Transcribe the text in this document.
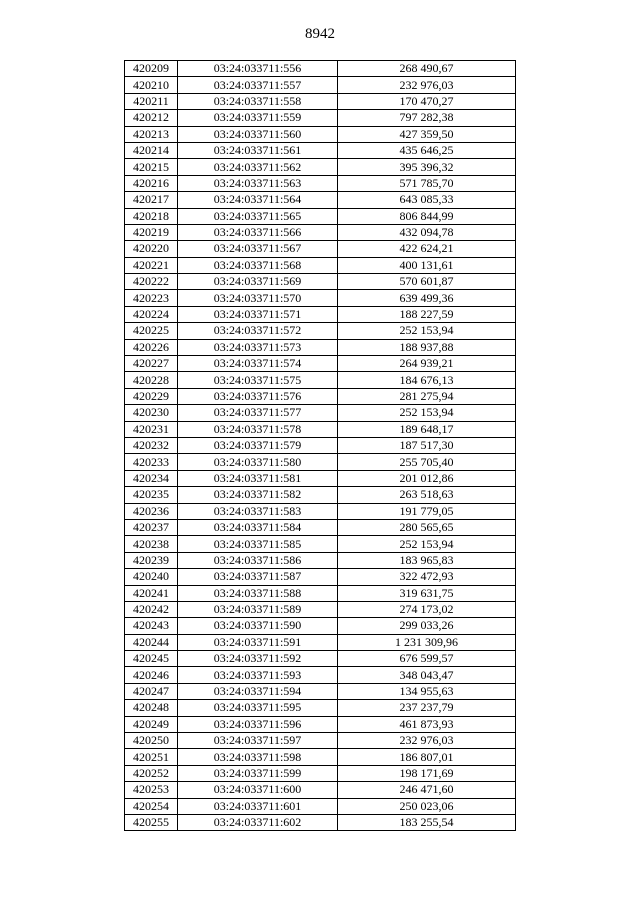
8942
420209	03:24:033711:556	268 490,67
420210	03:24:033711:557	232 976,03
420211	03:24:033711:558	170 470,27
420212	03:24:033711:559	797 282,38
420213	03:24:033711:560	427 359,50
420214	03:24:033711:561	435 646,25
420215	03:24:033711:562	395 396,32
420216	03:24:033711:563	571 785,70
420217	03:24:033711:564	643 085,33
420218	03:24:033711:565	806 844,99
420219	03:24:033711:566	432 094,78
420220	03:24:033711:567	422 624,21
420221	03:24:033711:568	400 131,61
420222	03:24:033711:569	570 601,87
420223	03:24:033711:570	639 499,36
420224	03:24:033711:571	188 227,59
420225	03:24:033711:572	252 153,94
420226	03:24:033711:573	188 937,88
420227	03:24:033711:574	264 939,21
420228	03:24:033711:575	184 676,13
420229	03:24:033711:576	281 275,94
420230	03:24:033711:577	252 153,94
420231	03:24:033711:578	189 648,17
420232	03:24:033711:579	187 517,30
420233	03:24:033711:580	255 705,40
420234	03:24:033711:581	201 012,86
420235	03:24:033711:582	263 518,63
420236	03:24:033711:583	191 779,05
420237	03:24:033711:584	280 565,65
420238	03:24:033711:585	252 153,94
420239	03:24:033711:586	183 965,83
420240	03:24:033711:587	322 472,93
420241	03:24:033711:588	319 631,75
420242	03:24:033711:589	274 173,02
420243	03:24:033711:590	299 033,26
420244	03:24:033711:591	1 231 309,96
420245	03:24:033711:592	676 599,57
420246	03:24:033711:593	348 043,47
420247	03:24:033711:594	134 955,63
420248	03:24:033711:595	237 237,79
420249	03:24:033711:596	461 873,93
420250	03:24:033711:597	232 976,03
420251	03:24:033711:598	186 807,01
420252	03:24:033711:599	198 171,69
420253	03:24:033711:600	246 471,60
420254	03:24:033711:601	250 023,06
420255	03:24:033711:602	183 255,54
